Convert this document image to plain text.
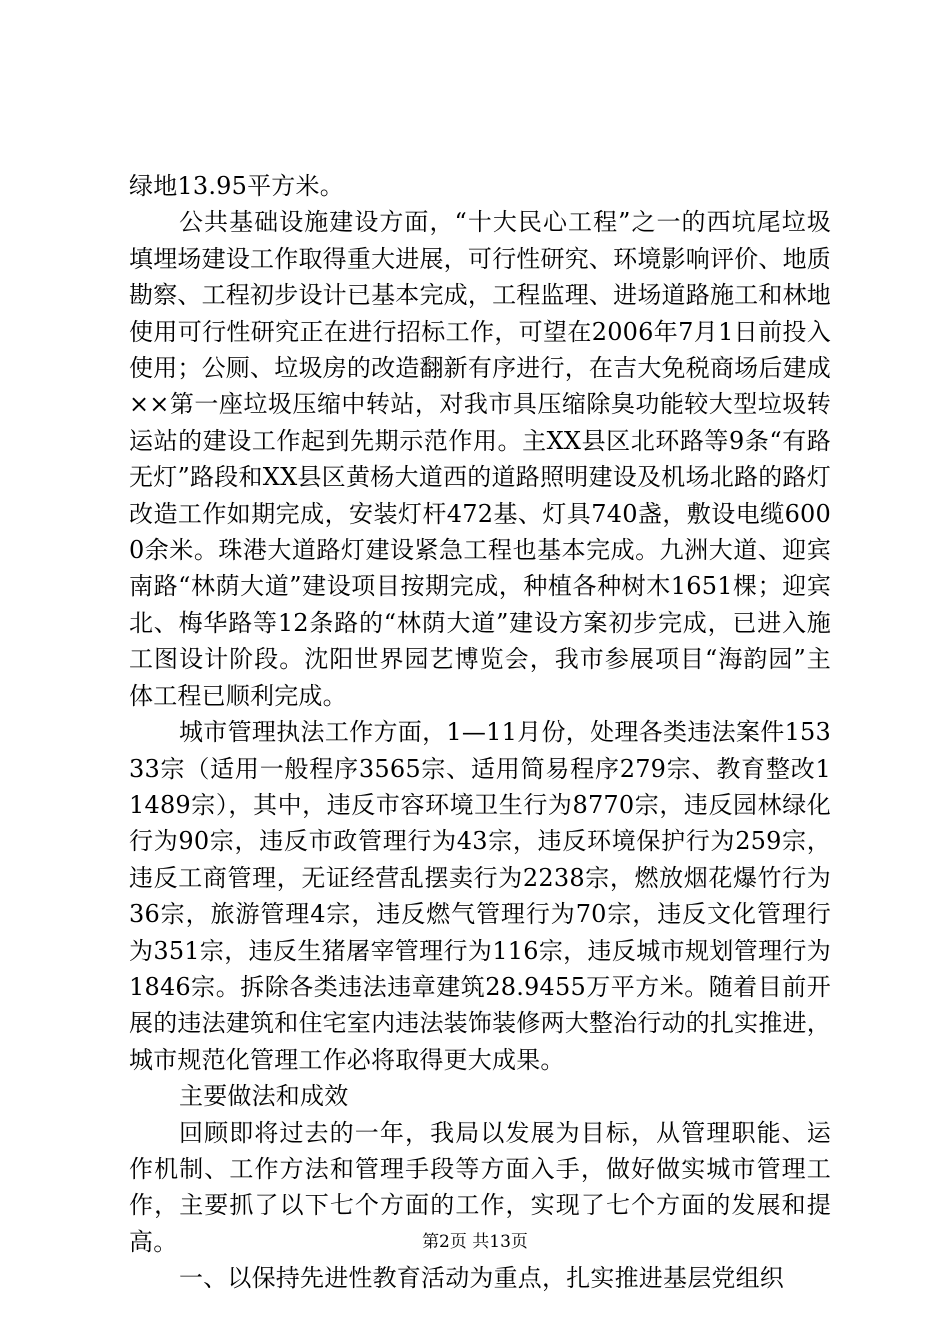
绿地13.95平方米。

公共基础设施建设方面，“十大民心工程”之一的西坑尾垃圾填埋场建设工作取得重大进展，可行性研究、环境影响评价、地质勘察、工程初步设计已基本完成，工程监理、进场道路施工和林地使用可行性研究正在进行招标工作，可望在2006年7月1日前投入使用；公厕、垃圾房的改造翻新有序进行，在吉大免税商场后建成××第一座垃圾压缩中转站，对我市具压缩除臭功能较大型垃圾转运站的建设工作起到先期示范作用。主XX县区北环路等9条“有路无灯”路段和XX县区黄杨大道西的道路照明建设及机场北路的路灯改造工作如期完成，安装灯杆472基、灯具740盏，敷设电缆6000余米。珠港大道路灯建设紧急工程也基本完成。九洲大道、迎宾南路“林荫大道”建设项目按期完成，种植各种树木1651棵；迎宾北、梅华路等12条路的“林荫大道”建设方案初步完成，已进入施工图设计阶段。沈阳世界园艺博览会，我市参展项目“海韵园”主体工程已顺利完成。

城市管理执法工作方面，1—11月份，处理各类违法案件15333宗（适用一般程序3565宗、适用简易程序279宗、教育整改11489宗），其中，违反市容环境卫生行为8770宗，违反园林绿化行为90宗，违反市政管理行为43宗，违反环境保护行为259宗，违反工商管理，无证经营乱摆卖行为2238宗，燃放烟花爆竹行为36宗，旅游管理4宗，违反燃气管理行为70宗，违反文化管理行为351宗，违反生猪屠宰管理行为116宗，违反城市规划管理行为1846宗。拆除各类违法违章建筑28.9455万平方米。随着目前开展的违法建筑和住宅室内违法装饰装修两大整治行动的扎实推进，城市规范化管理工作必将取得更大成果。

主要做法和成效

回顾即将过去的一年，我局以发展为目标，从管理职能、运作机制、工作方法和管理手段等方面入手，做好做实城市管理工作，主要抓了以下七个方面的工作，实现了七个方面的发展和提高。

一、以保持先进性教育活动为重点，扎实推进基层党组织

第2页 共13页
